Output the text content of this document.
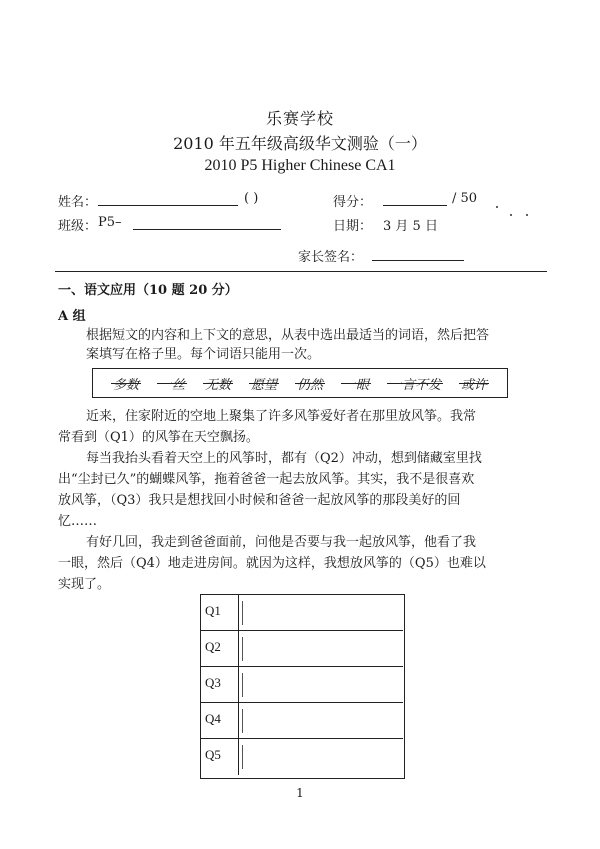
乐赛学校
2010 年五年级高级华文测验（一）
2010 P5 Higher Chinese CA1
姓名：	( )	得分：	/ 50
班级： P5–	日期： 3 月 5 日
家长签名：
一、语文应用（10 题 20 分）
A 组
根据短文的内容和上下文的意思，从表中选出最适当的词语，然后把答
案填写在格子里。每个词语只能用一次。
多数 一丝 无数 愿望 仍然 一眼 一言不发 或许
近来，住家附近的空地上聚集了许多风筝爱好者在那里放风筝。我常
常看到（Q1）的风筝在天空飘扬。
每当我抬头看着天空上的风筝时，都有（Q2）冲动，想到储藏室里找
出“尘封已久”的蝴蝶风筝，拖着爸爸一起去放风筝。其实，我不是很喜欢
放风筝，（Q3）我只是想找回小时候和爸爸一起放风筝的那段美好的回
忆……
有好几回，我走到爸爸面前，问他是否要与我一起放风筝，他看了我
一眼，然后（Q4）地走进房间。就因为这样，我想放风筝的（Q5）也难以
实现了。
Q1
Q2
Q3
Q4
Q5
1
